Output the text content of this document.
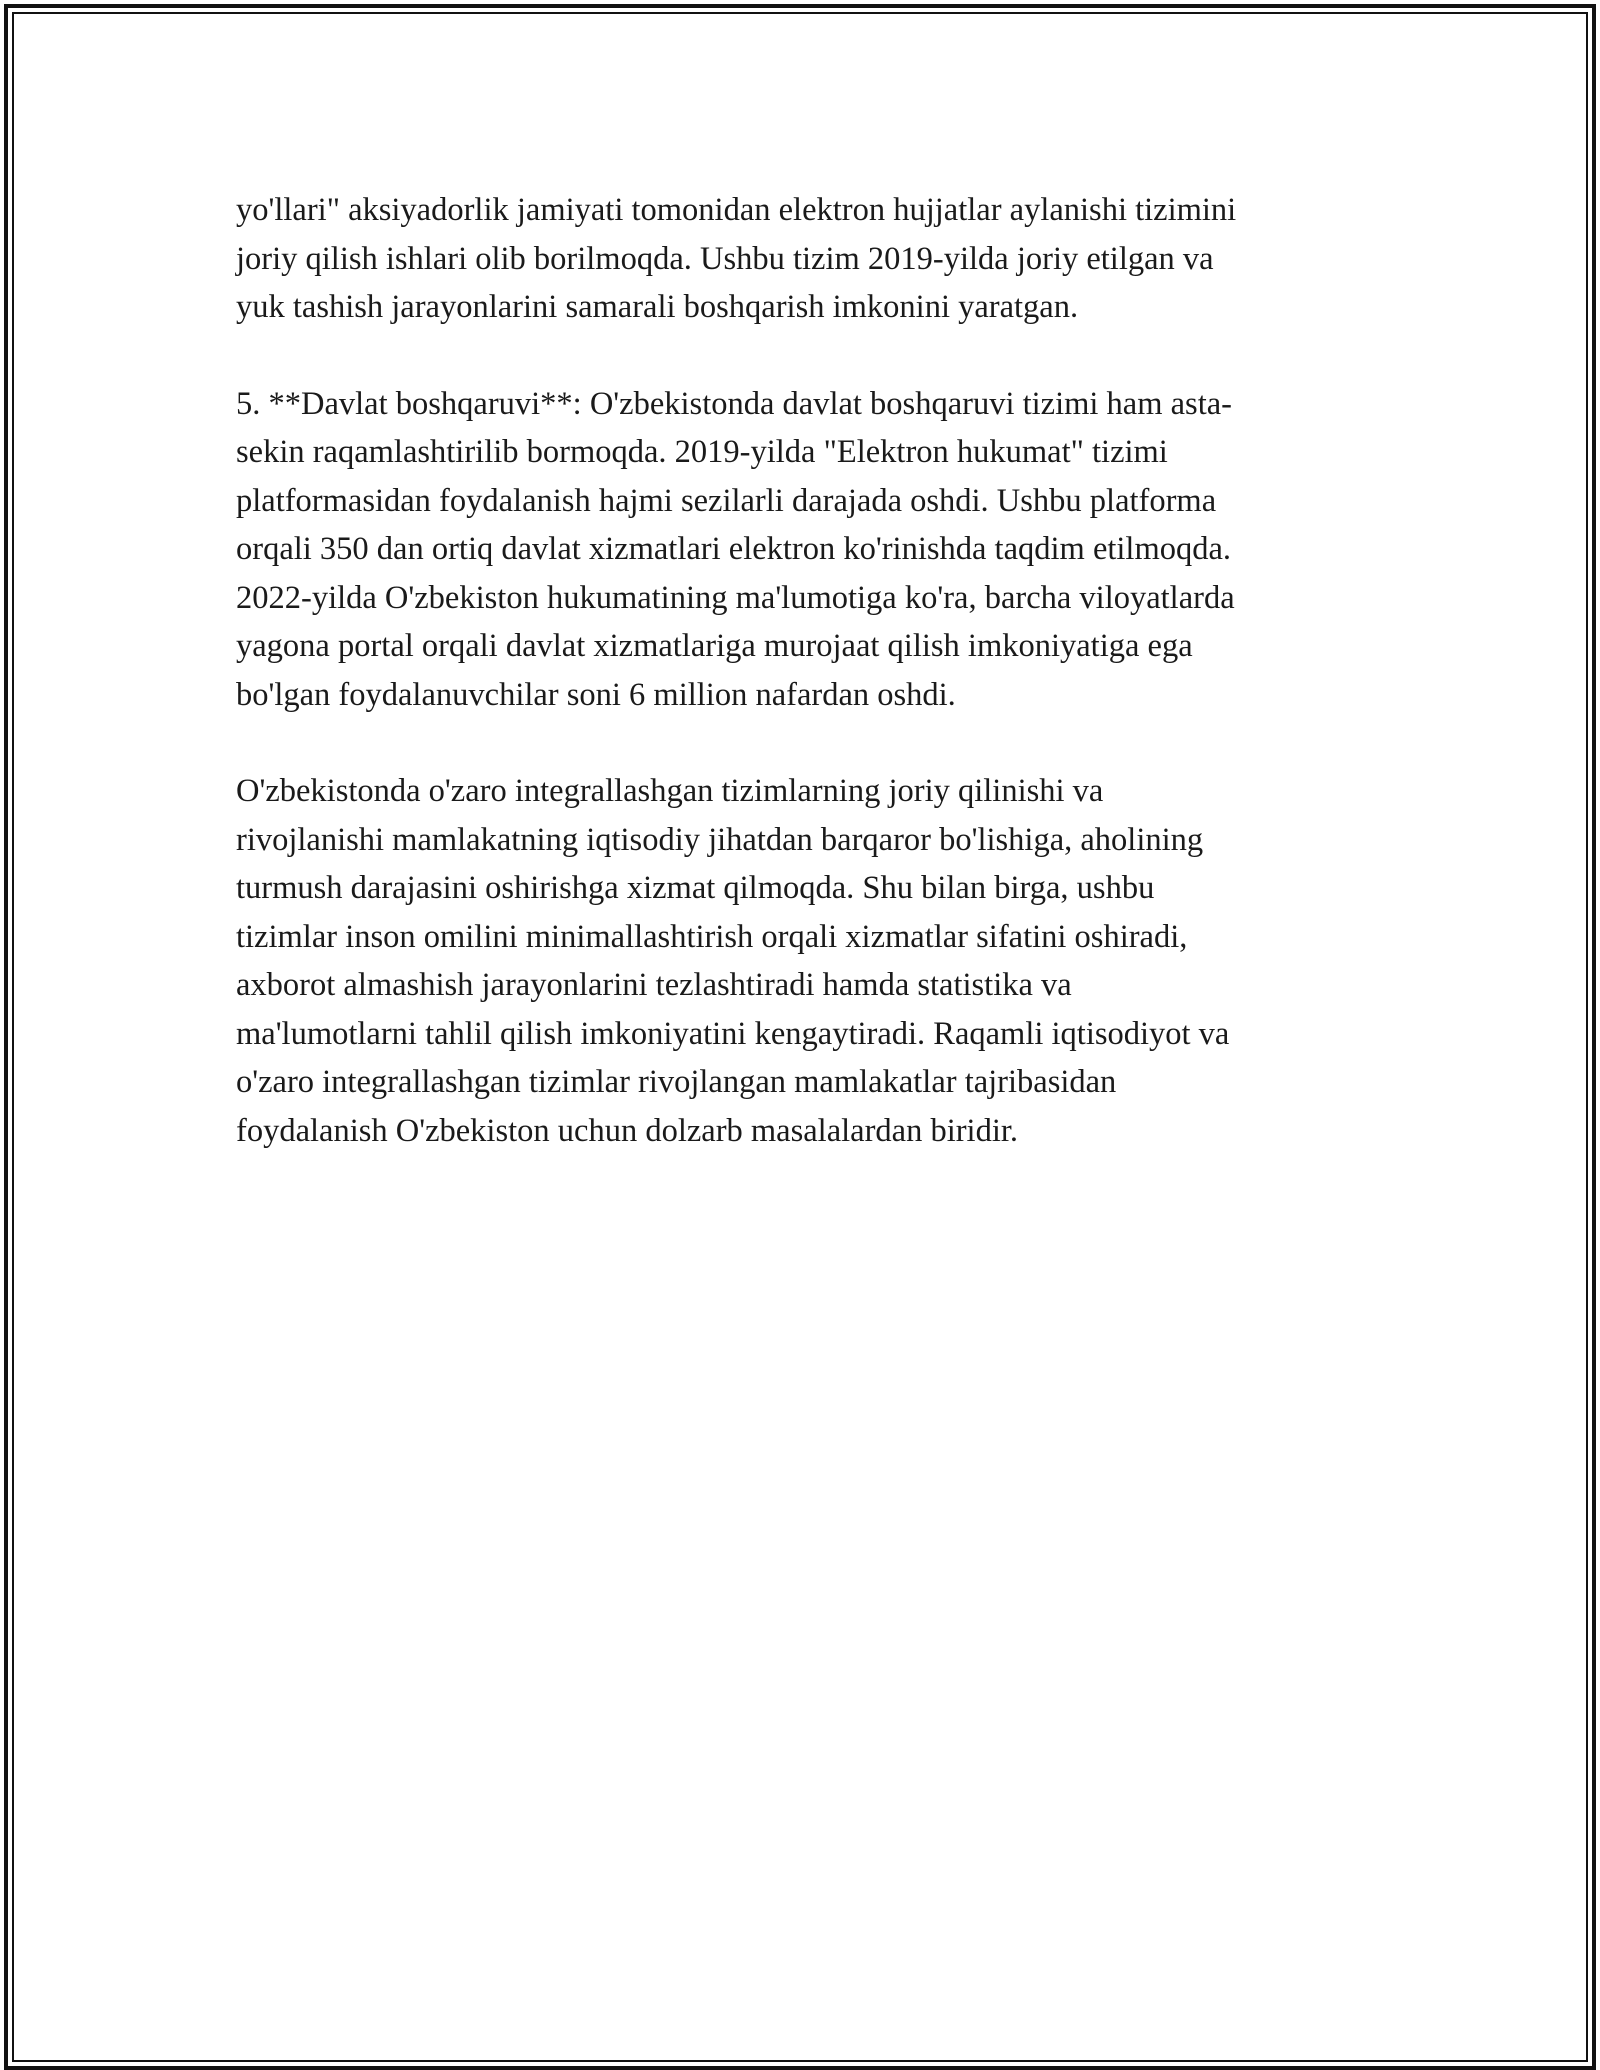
yo'llari" aksiyadorlik jamiyati tomonidan elektron hujjatlar aylanishi tizimini
joriy qilish ishlari olib borilmoqda. Ushbu tizim 2019-yilda joriy etilgan va
yuk tashish jarayonlarini samarali boshqarish imkonini yaratgan.

5. **Davlat boshqaruvi**: O'zbekistonda davlat boshqaruvi tizimi ham asta-
sekin raqamlashtirilib bormoqda. 2019-yilda "Elektron hukumat" tizimi
platformasidan foydalanish hajmi sezilarli darajada oshdi. Ushbu platforma
orqali 350 dan ortiq davlat xizmatlari elektron ko'rinishda taqdim etilmoqda.
2022-yilda O'zbekiston hukumatining ma'lumotiga ko'ra, barcha viloyatlarda
yagona portal orqali davlat xizmatlariga murojaat qilish imkoniyatiga ega
bo'lgan foydalanuvchilar soni 6 million nafardan oshdi.

O'zbekistonda o'zaro integrallashgan tizimlarning joriy qilinishi va
rivojlanishi mamlakatning iqtisodiy jihatdan barqaror bo'lishiga, aholining
turmush darajasini oshirishga xizmat qilmoqda. Shu bilan birga, ushbu
tizimlar inson omilini minimallashtirish orqali xizmatlar sifatini oshiradi,
axborot almashish jarayonlarini tezlashtiradi hamda statistika va
ma'lumotlarni tahlil qilish imkoniyatini kengaytiradi. Raqamli iqtisodiyot va
o'zaro integrallashgan tizimlar rivojlangan mamlakatlar tajribasidan
foydalanish O'zbekiston uchun dolzarb masalalardan biridir.
